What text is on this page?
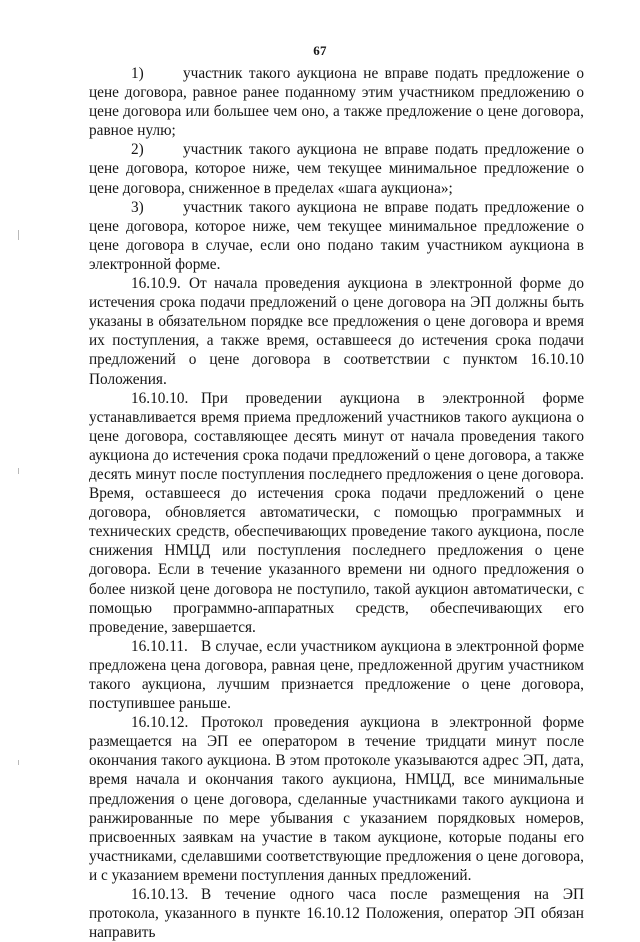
67

1)	участник такого аукциона не вправе подать предложение о цене договора, равное ранее поданному этим участником предложению о цене договора или большее чем оно, а также предложение о цене договора, равное нулю;

2)	участник такого аукциона не вправе подать предложение о цене договора, которое ниже, чем текущее минимальное предложение о цене договора, сниженное в пределах «шага аукциона»;

3)	участник такого аукциона не вправе подать предложение о цене договора, которое ниже, чем текущее минимальное предложение о цене договора в случае, если оно подано таким участником аукциона в электронной форме.

16.10.9. От начала проведения аукциона в электронной форме до истечения срока подачи предложений о цене договора на ЭП должны быть указаны в обязательном порядке все предложения о цене договора и время их поступления, а также время, оставшееся до истечения срока подачи предложений о цене договора в соответствии с пунктом 16.10.10 Положения.

16.10.10. При проведении аукциона в электронной форме устанавливается время приема предложений участников такого аукциона о цене договора, составляющее десять минут от начала проведения такого аукциона до истечения срока подачи предложений о цене договора, а также десять минут после поступления последнего предложения о цене договора. Время, оставшееся до истечения срока подачи предложений о цене договора, обновляется автоматически, с помощью программных и технических средств, обеспечивающих проведение такого аукциона, после снижения НМЦД или поступления последнего предложения о цене договора. Если в течение указанного времени ни одного предложения о более низкой цене договора не поступило, такой аукцион автоматически, с помощью программно-аппаратных средств, обеспечивающих его проведение, завершается.

16.10.11. В случае, если участником аукциона в электронной форме предложена цена договора, равная цене, предложенной другим участником такого аукциона, лучшим признается предложение о цене договора, поступившее раньше.

16.10.12. Протокол проведения аукциона в электронной форме размещается на ЭП ее оператором в течение тридцати минут после окончания такого аукциона. В этом протоколе указываются адрес ЭП, дата, время начала и окончания такого аукциона, НМЦД, все минимальные предложения о цене договора, сделанные участниками такого аукциона и ранжированные по мере убывания с указанием порядковых номеров, присвоенных заявкам на участие в таком аукционе, которые поданы его участниками, сделавшими соответствующие предложения о цене договора, и с указанием времени поступления данных предложений.

16.10.13. В течение одного часа после размещения на ЭП протокола, указанного в пункте 16.10.12 Положения, оператор ЭП обязан направить
